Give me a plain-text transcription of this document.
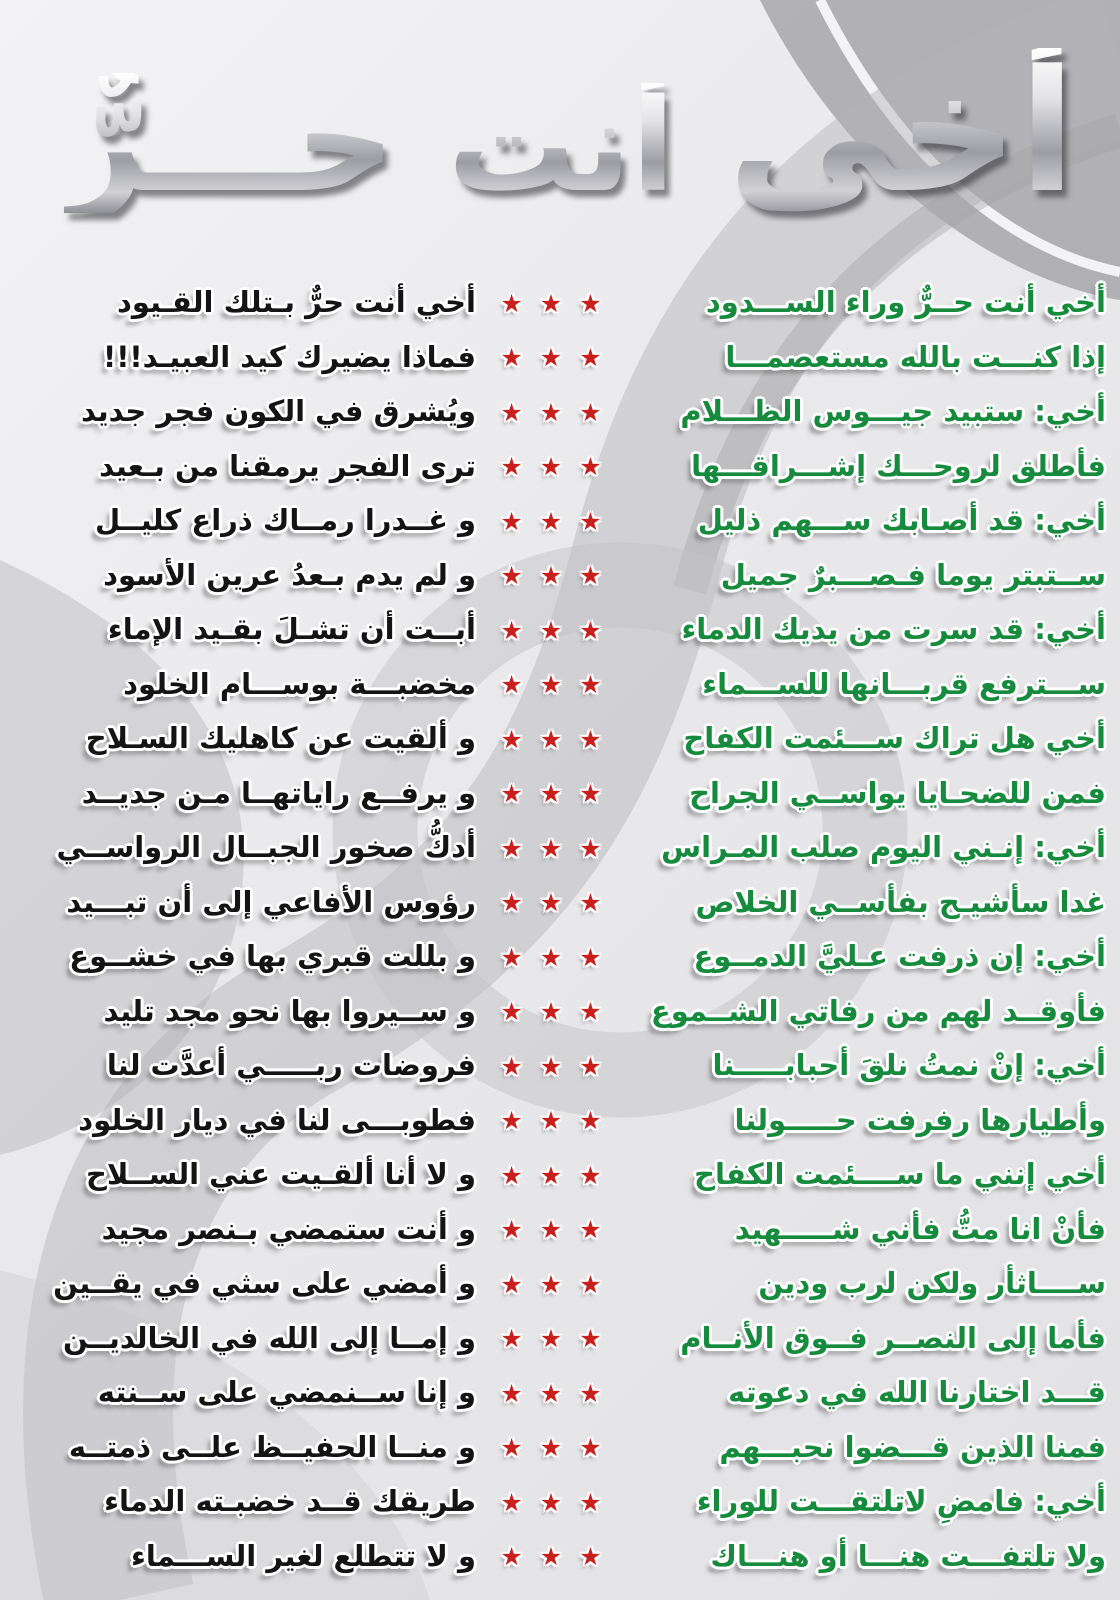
أخي
أنت
حـــرٌّ
أخي أنت حــرٌّ وراء الســـدود
★
★
★
أخي أنت حرٌّ بـتلك القـيود
إذا كنـــت بالله مستعصمـــا
★
★
★
فماذا يضيرك كيد العبيـد!!!
أخي: ستبيد جيـــوس الظـــلام
★
★
★
ويُشرق في الكون فجر جديد
فأطلق لروحـــك إشـــراقـــها
★
★
★
ترى الفجر يرمقنا من بـعيد
أخي: قد أصـابك ســـهم ذليل
★
★
★
و غــدرا رمــاك ذراع كليــل
ســتبتر يوما فـصـــبرٌ جميل
★
★
★
و لم يدم بـعدُ عرين الأسود
أخي: قد سرت من يديك الدماء
★
★
★
أبــت أن تشـلَ بقـيد الإماء
ســـترفع قربـــانها للســـماء
★
★
★
مخضبـــة بوســـام الخلود
أخي هل تراك ســـئمت الكفاح
★
★
★
و ألقيت عن كاهليك السـلاح
فمن للضحـايا يواســي الجراح
★
★
★
و يرفــع راياتهــا مـن جديــد
أخي: إنـني اليوم صلب المـراس
★
★
★
أدكُّ صخور الجبــال الرواســي
غدا سأشيـح بفأســي الخلاص
★
★
★
رؤوس الأفاعي إلى أن تبـــيد
أخي: إن ذرفت عـليَّ الدمــوع
★
★
★
و بللت قبري بها في خشــوع
فأوقــد لهم من رفاتي الشــموع
★
★
★
و ســيروا بها نحو مجد تليد
أخي: إنْ نمتُ نلقَ أحبابـــــنا
★
★
★
فروضات ربـــــي أعدَّت لنا
وأطيارها رفرفت حـــــولنا
★
★
★
فطوبـــى لنا في ديار الخلود
أخي إنني ما ســــئمت الكفاح
★
★
★
و لا أنا ألقـيت عني الســلاح
فأنْ انا متُّ فأني شـــــهيد
★
★
★
و أنت ستمضي بـنصر مجيد
ســــاثأر ولكن لرب ودين
★
★
★
و أمضي على سثي في يقــين
فأما إلى النصــر فــوق الأنــام
★
★
★
و إمــا إلى الله في الخالديــن
قـــد اختارنا الله في دعوته
★
★
★
و إنا ســنمضي على ســنته
فمنا الذين قـــضوا نحبـــهم
★
★
★
و منــا الحفيــظ علــى ذمتــه
أخي: فامضِ لاتلتقـــت للوراء
★
★
★
طريقك قــد خضبـته الدماء
ولا تلتفـــت هنـــا أو هنـــاك
★
★
★
و لا تتطلع لغير الســـماء
